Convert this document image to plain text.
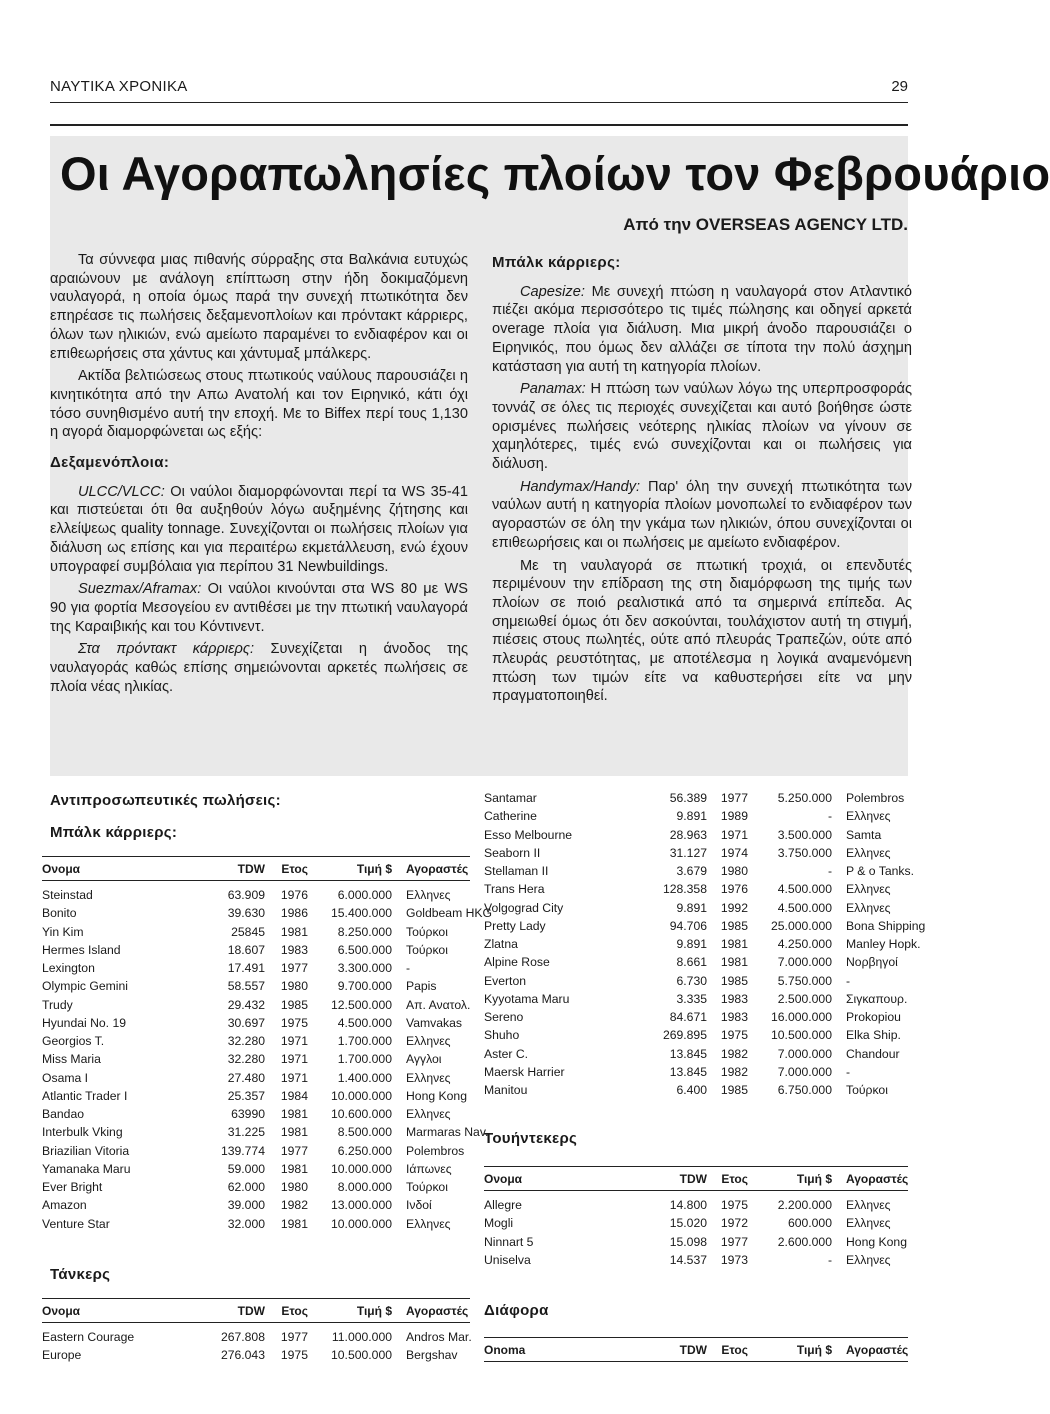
ΝΑΥΤΙΚΑ ΧΡΟΝΙΚΑ	29
Οι Αγοραπωλησίες πλοίων τον Φεβρουάριο
Από την OVERSEAS AGENCY LTD.

Τα σύννεφα μιας πιθανής σύρραξης στα Βαλκάνια ευτυχώς αραιώνουν με ανάλογη επίπτωση στην ήδη δοκιμαζόμενη ναυλαγορά, η οποία όμως παρά την συνεχή πτωτικότητα δεν επηρέασε τις πωλήσεις δεξαμενοπλοίων και πρόντακτ κάρριερς, όλων των ηλικιών, ενώ αμείωτο παραμένει το ενδιαφέρον και οι επιθεωρήσεις στα χάντυς και χάντυμαξ μπάλκερς.

Ακτίδα βελτιώσεως στους πτωτικούς ναύλους παρουσιάζει η κινητικότητα από την Απω Ανατολή και τον Ειρηνικό, κάτι όχι τόσο συνηθισμένο αυτή την εποχή. Με το Biffex περί τους 1,130 η αγορά διαμορφώνεται ως εξής:

Δεξαμενόπλοια:

ULCC/VLCC: Οι ναύλοι διαμορφώνονται περί τα WS 35-41 και πιστεύεται ότι θα αυξηθούν λόγω αυξημένης ζήτησης και ελλείψεως quality tonnage. Συνεχίζονται οι πωλήσεις πλοίων για διάλυση ως επίσης και για περαιτέρω εκμετάλλευση, ενώ έχουν υπογραφεί συμβόλαια για περίπου 31 Newbuildings.

Suezmax/Aframax: Οι ναύλοι κινούνται στα WS 80 με WS 90 για φορτία Μεσογείου εν αντιθέσει με την πτωτική ναυλαγορά της Καραιβικής και του Κόντινεντ.

Στα πρόντακτ κάρριερς: Συνεχίζεται η άνοδος της ναυλαγοράς καθώς επίσης σημειώνονται αρκετές πωλήσεις σε πλοία νέας ηλικίας.

Μπάλκ κάρριερς:

Capesize: Με συνεχή πτώση η ναυλαγορά στον Ατλαντικό πιέζει ακόμα περισσότερο τις τιμές πώλησης και οδηγεί αρκετά overage πλοία για διάλυση. Μια μικρή άνοδο παρουσιάζει ο Ειρηνικός, που όμως δεν αλλάζει σε τίποτα την πολύ άσχημη κατάσταση για αυτή τη κατηγορία πλοίων.

Panamax: Η πτώση των ναύλων λόγω της υπερπροσφοράς τοννάζ σε όλες τις περιοχές συνεχίζεται και αυτό βοήθησε ώστε ορισμένες πωλήσεις νεότερης ηλικίας πλοίων να γίνουν σε χαμηλότερες, τιμές ενώ συνεχίζονται και οι πωλήσεις για διάλυση.

Handymax/Handy: Παρ' όλη την συνεχή πτωτικότητα των ναύλων αυτή η κατηγορία πλοίων μονοπωλεί το ενδιαφέρον των αγοραστών σε όλη την γκάμα των ηλικιών, όπου συνεχίζονται οι επιθεωρήσεις και οι πωλήσεις με αμείωτο ενδιαφέρον.

Με τη ναυλαγορά σε πτωτική τροχιά, οι επενδυτές περιμένουν την επίδραση της στη διαμόρφωση της τιμής των πλοίων σε ποιό ρεαλιστικά από τα σημερινά επίπεδα. Ας σημειωθεί όμως ότι δεν ασκούνται, τουλάχιστον αυτή τη στιγμή, πιέσεις στους πωλητές, ούτε από πλευράς Τραπεζών, ούτε από πλευράς ρευστότητας, με αποτέλεσμα η λογικά αναμενόμενη πτώση των τιμών είτε να καθυστερήσει είτε να μην πραγματοποιηθεί.

Αντιπροσωπευτικές πωλήσεις:
Μπάλκ κάρριερς:
Ονομα	TDW	Ετος	Τιμή $	Αγοραστές
Steinstad	63.909	1976	6.000.000	Ελληνες
Bonito	39.630	1986	15.400.000	Goldbeam HKG
Yin Kim	25845	1981	8.250.000	Τούρκοι
Hermes Island	18.607	1983	6.500.000	Τούρκοι
Lexington	17.491	1977	3.300.000	-
Olympic Gemini	58.557	1980	9.700.000	Papis
Trudy	29.432	1985	12.500.000	Απ. Ανατολ.
Hyundai No. 19	30.697	1975	4.500.000	Vamvakas
Georgios T.	32.280	1971	1.700.000	Ελληνες
Miss Maria	32.280	1971	1.700.000	Αγγλοι
Osama I	27.480	1971	1.400.000	Ελληνες
Atlantic Trader I	25.357	1984	10.000.000	Hong Kong
Bandao	63990	1981	10.600.000	Ελληνες
Interbulk Vking	31.225	1981	8.500.000	Marmaras Nav.
Briazilian Vitoria	139.774	1977	6.250.000	Polembros
Yamanaka Maru	59.000	1981	10.000.000	Ιάπωνες
Ever Bright	62.000	1980	8.000.000	Τούρκοι
Amazon	39.000	1982	13.000.000	Ινδοί
Venture Star	32.000	1981	10.000.000	Ελληνες
Τάνκερς
Ονομα	TDW	Ετος	Τιμή $	Αγοραστές
Eastern Courage	267.808	1977	11.000.000	Andros Mar.
Europe	276.043	1975	10.500.000	Bergshav
Santamar	56.389	1977	5.250.000	Polembros
Catherine	9.891	1989	-	Ελληνες
Esso Melbourne	28.963	1971	3.500.000	Samta
Seaborn II	31.127	1974	3.750.000	Ελληνες
Stellaman II	3.679	1980	-	P & o Tanks.
Trans Hera	128.358	1976	4.500.000	Ελληνες
Volgograd City	9.891	1992	4.500.000	Ελληνες
Pretty Lady	94.706	1985	25.000.000	Bona Shipping
Zlatna	9.891	1981	4.250.000	Manley Hopk.
Alpine Rose	8.661	1981	7.000.000	Νορβηγοί
Everton	6.730	1985	5.750.000	-
Kyyotama Maru	3.335	1983	2.500.000	Σιγκαπουρ.
Sereno	84.671	1983	16.000.000	Prokopiou
Shuho	269.895	1975	10.500.000	Elka Ship.
Aster C.	13.845	1982	7.000.000	Chandour
Maersk Harrier	13.845	1982	7.000.000	-
Manitou	6.400	1985	6.750.000	Τούρκοι
Τουήντεκερς
Ονομα	TDW	Ετος	Τιμή $	Αγοραστές
Allegre	14.800	1975	2.200.000	Ελληνες
Mogli	15.020	1972	600.000	Ελληνες
Ninnart 5	15.098	1977	2.600.000	Hong Kong
Uniselva	14.537	1973	-	Ελληνες
Διάφορα
Onoma	TDW	Ετος	Τιμή $	Αγοραστές
